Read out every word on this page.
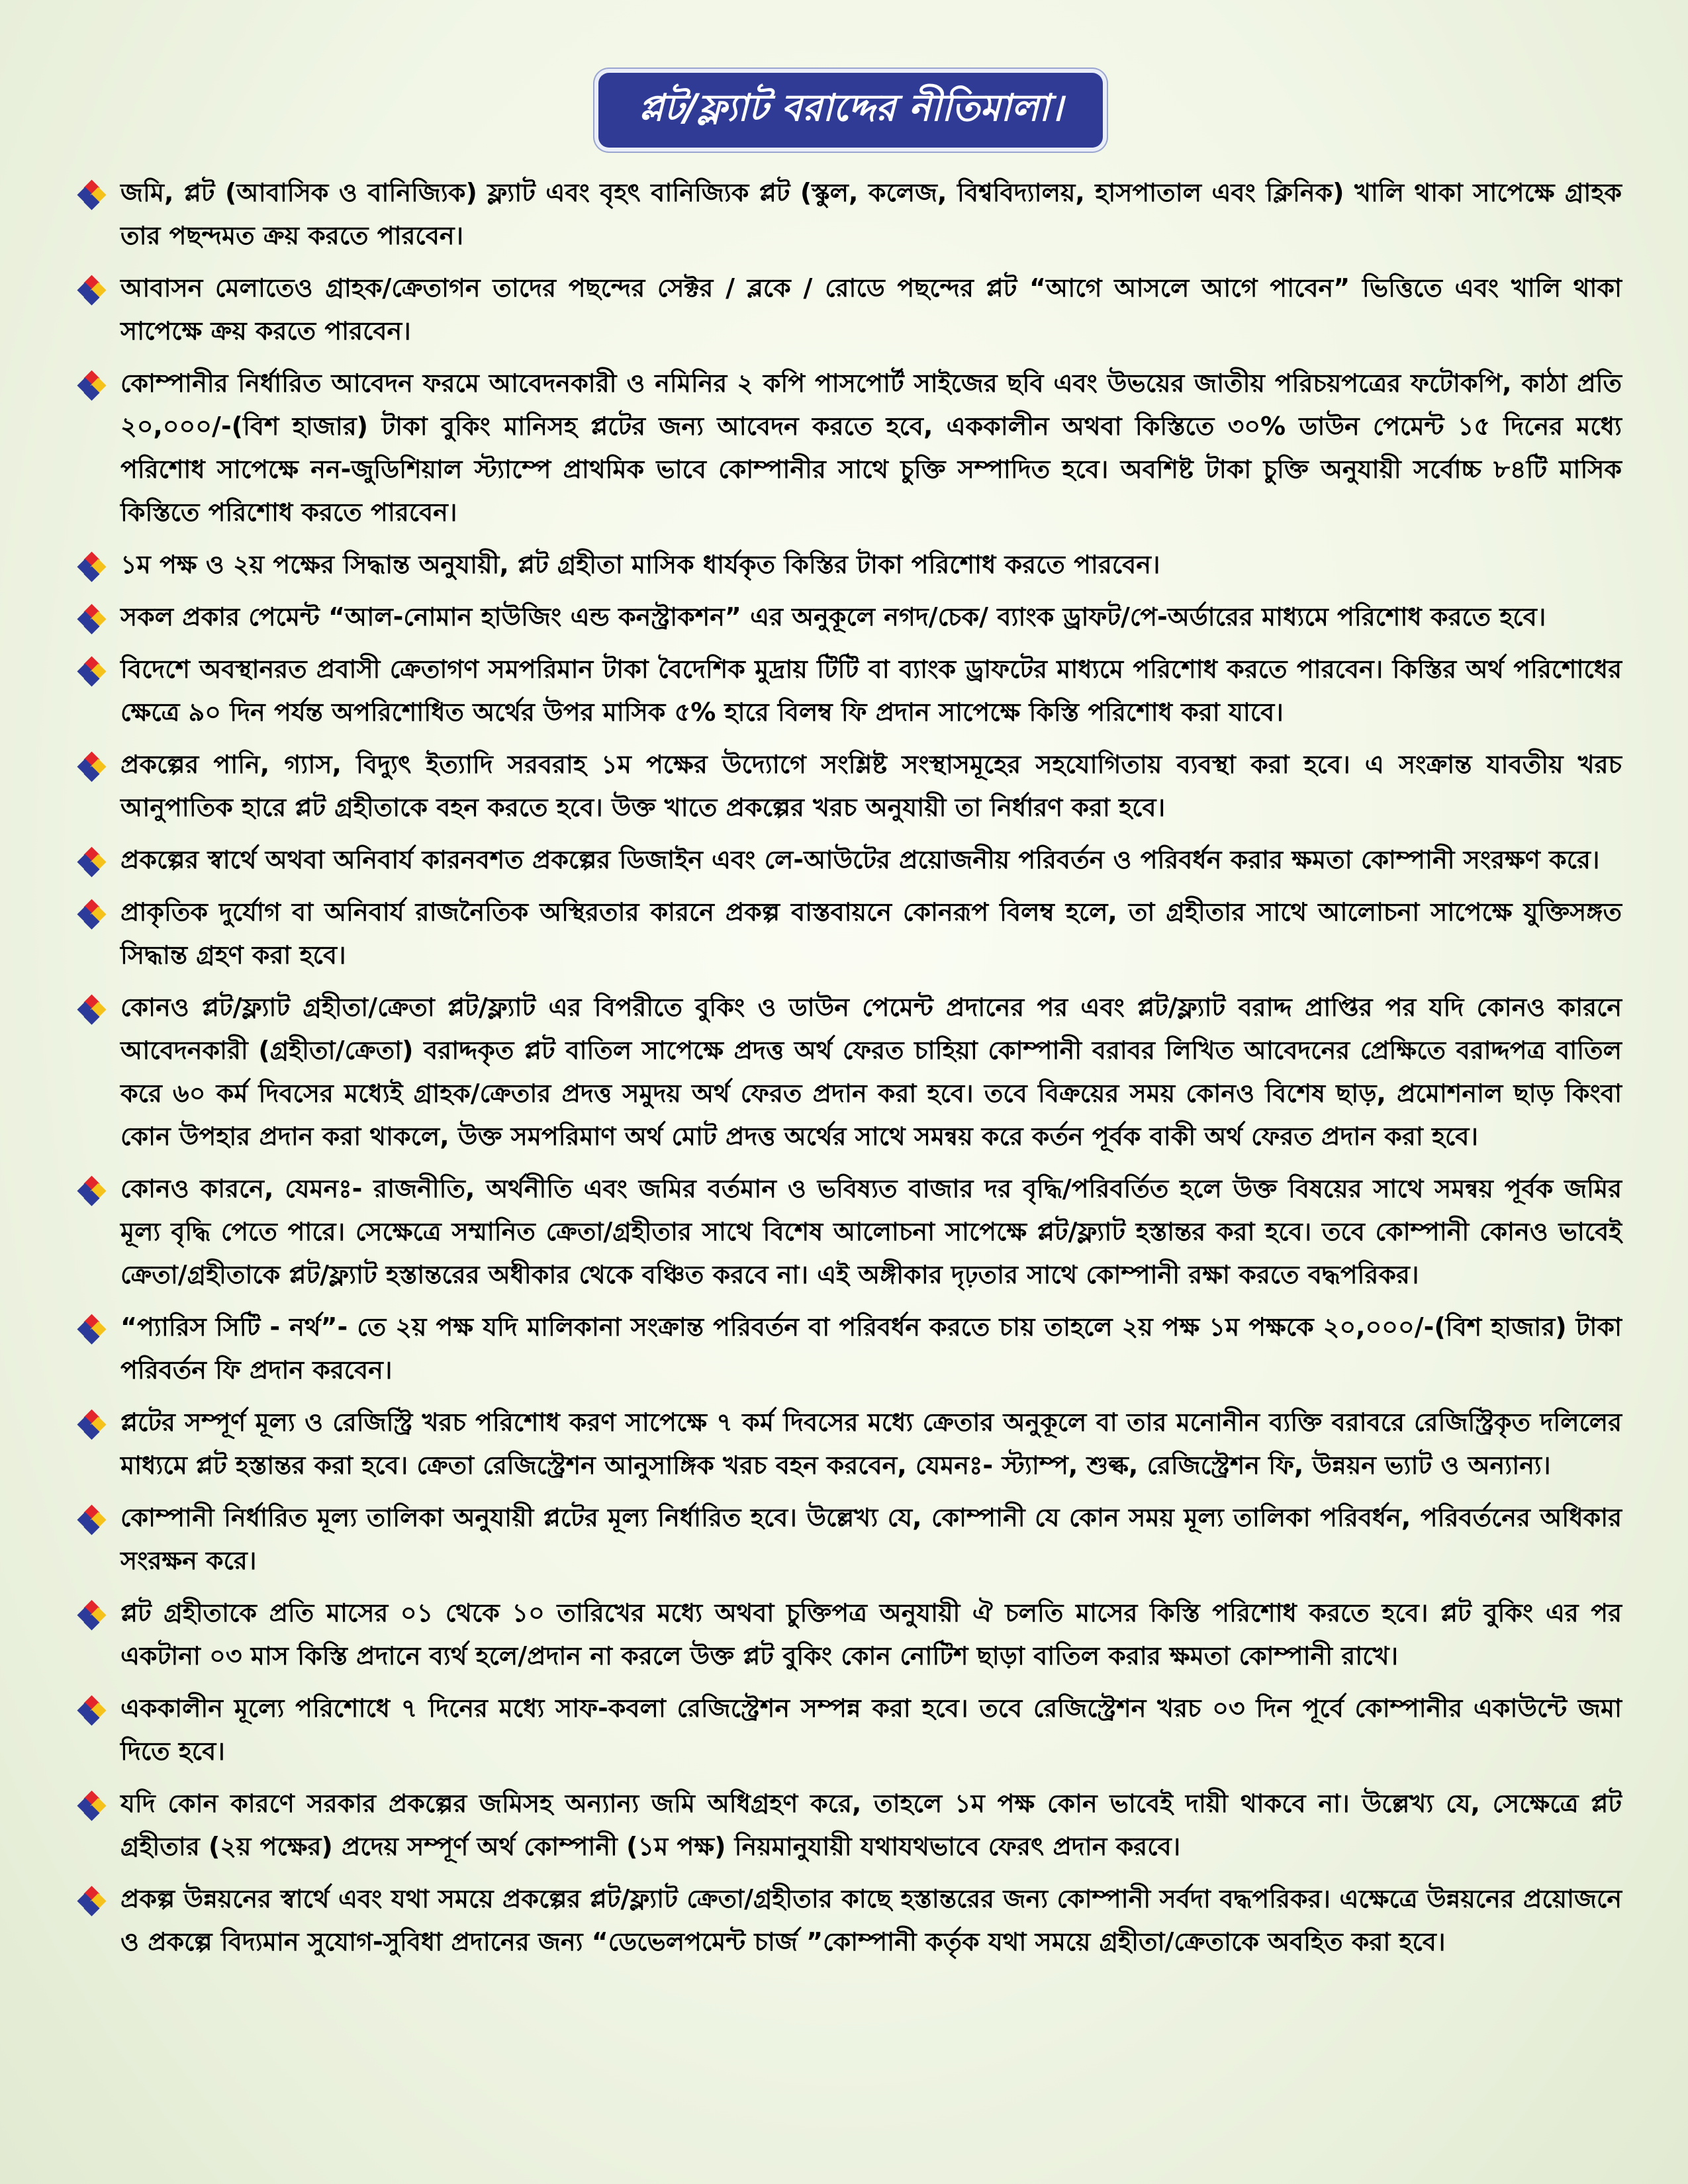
প্লট/ফ্ল্যাট বরাদ্দের নীতিমালা।
জমি, প্লট (আবাসিক ও বানিজ্যিক) ফ্ল্যাট এবং বৃহৎ বানিজ্যিক প্লট (স্কুল, কলেজ, বিশ্ববিদ্যালয়, হাসপাতাল এবং ক্লিনিক) খালি থাকা সাপেক্ষে গ্রাহক তার পছন্দমত ক্রয় করতে পারবেন।
আবাসন মেলাতেও গ্রাহক/ক্রেতাগন তাদের পছন্দের সেক্টর / ব্লকে / রোডে পছন্দের প্লট “আগে আসলে আগে পাবেন” ভিত্তিতে এবং খালি থাকা সাপেক্ষে ক্রয় করতে পারবেন।
কোম্পানীর নির্ধারিত আবেদন ফরমে আবেদনকারী ও নমিনির ২ কপি পাসপোর্ট সাইজের ছবি এবং উভয়ের জাতীয় পরিচয়পত্রের ফটোকপি, কাঠা প্রতি ২০,০০০/-(বিশ হাজার) টাকা বুকিং মানিসহ প্লটের জন্য আবেদন করতে হবে, এককালীন অথবা কিস্তিতে ৩০% ডাউন পেমেন্ট ১৫ দিনের মধ্যে পরিশোধ সাপেক্ষে নন-জুডিশিয়াল স্ট্যাম্পে প্রাথমিক ভাবে কোম্পানীর সাথে চুক্তি সম্পাদিত হবে। অবশিষ্ট টাকা চুক্তি অনুযায়ী সর্বোচ্চ ৮৪টি মাসিক কিস্তিতে পরিশোধ করতে পারবেন।
১ম পক্ষ ও ২য় পক্ষের সিদ্ধান্ত অনুযায়ী, প্লট গ্রহীতা মাসিক ধার্যকৃত কিস্তির টাকা পরিশোধ করতে পারবেন।
সকল প্রকার পেমেন্ট “আল-নোমান হাউজিং এন্ড কনস্ট্রাকশন” এর অনুকূলে নগদ/চেক/ ব্যাংক ড্রাফট/পে-অর্ডারের মাধ্যমে পরিশোধ করতে হবে।
বিদেশে অবস্থানরত প্রবাসী ক্রেতাগণ সমপরিমান টাকা বৈদেশিক মুদ্রায় টিটি বা ব্যাংক ড্রাফটের মাধ্যমে পরিশোধ করতে পারবেন। কিস্তির অর্থ পরিশোধের ক্ষেত্রে ৯০ দিন পর্যন্ত অপরিশোধিত অর্থের উপর মাসিক ৫% হারে বিলম্ব ফি প্রদান সাপেক্ষে কিস্তি পরিশোধ করা যাবে।
প্রকল্পের পানি, গ্যাস, বিদ্যুৎ ইত্যাদি সরবরাহ ১ম পক্ষের উদ্যোগে সংশ্লিষ্ট সংস্থাসমূহের সহযোগিতায় ব্যবস্থা করা হবে। এ সংক্রান্ত যাবতীয় খরচ আনুপাতিক হারে প্লট গ্রহীতাকে বহন করতে হবে। উক্ত খাতে প্রকল্পের খরচ অনুযায়ী তা নির্ধারণ করা হবে।
প্রকল্পের স্বার্থে অথবা অনিবার্য কারনবশত প্রকল্পের ডিজাইন এবং লে-আউটের প্রয়োজনীয় পরিবর্তন ও পরিবর্ধন করার ক্ষমতা কোম্পানী সংরক্ষণ করে।
প্রাকৃতিক দুর্যোগ বা অনিবার্য রাজনৈতিক অস্থিরতার কারনে প্রকল্প বাস্তবায়নে কোনরূপ বিলম্ব হলে, তা গ্রহীতার সাথে আলোচনা সাপেক্ষে যুক্তিসঙ্গত সিদ্ধান্ত গ্রহণ করা হবে।
কোনও প্লট/ফ্ল্যাট গ্রহীতা/ক্রেতা প্লট/ফ্ল্যাট এর বিপরীতে বুকিং ও ডাউন পেমেন্ট প্রদানের পর এবং প্লট/ফ্ল্যাট বরাদ্দ প্রাপ্তির পর যদি কোনও কারনে আবেদনকারী (গ্রহীতা/ক্রেতা) বরাদ্দকৃত প্লট বাতিল সাপেক্ষে প্রদত্ত অর্থ ফেরত চাহিয়া কোম্পানী বরাবর লিখিত আবেদনের প্রেক্ষিতে বরাদ্দপত্র বাতিল করে ৬০ কর্ম দিবসের মধ্যেই গ্রাহক/ক্রেতার প্রদত্ত সমুদয় অর্থ ফেরত প্রদান করা হবে। তবে বিক্রয়ের সময় কোনও বিশেষ ছাড়, প্রমোশনাল ছাড় কিংবা কোন উপহার প্রদান করা থাকলে, উক্ত সমপরিমাণ অর্থ মোট প্রদত্ত অর্থের সাথে সমন্বয় করে কর্তন পূর্বক বাকী অর্থ ফেরত প্রদান করা হবে।
কোনও কারনে, যেমনঃ- রাজনীতি, অর্থনীতি এবং জমির বর্তমান ও ভবিষ্যত বাজার দর বৃদ্ধি/পরিবর্তিত হলে উক্ত বিষয়ের সাথে সমন্বয় পূর্বক জমির মূল্য বৃদ্ধি পেতে পারে। সেক্ষেত্রে সম্মানিত ক্রেতা/গ্রহীতার সাথে বিশেষ আলোচনা সাপেক্ষে প্লট/ফ্ল্যাট হস্তান্তর করা হবে। তবে কোম্পানী কোনও ভাবেই ক্রেতা/গ্রহীতাকে প্লট/ফ্ল্যাট হস্তান্তরের অধীকার থেকে বঞ্চিত করবে না। এই অঙ্গীকার দৃঢ়তার সাথে কোম্পানী রক্ষা করতে বদ্ধপরিকর।
“প্যারিস সিটি - নর্থ”- তে ২য় পক্ষ যদি মালিকানা সংক্রান্ত পরিবর্তন বা পরিবর্ধন করতে চায় তাহলে ২য় পক্ষ ১ম পক্ষকে ২০,০০০/-(বিশ হাজার) টাকা পরিবর্তন ফি প্রদান করবেন।
প্লটের সম্পূর্ণ মূল্য ও রেজিস্ট্রি খরচ পরিশোধ করণ সাপেক্ষে ৭ কর্ম দিবসের মধ্যে ক্রেতার অনুকূলে বা তার মনোনীন ব্যক্তি বরাবরে রেজিস্ট্রিকৃত দলিলের মাধ্যমে প্লট হস্তান্তর করা হবে। ক্রেতা রেজিস্ট্রেশন আনুসাঙ্গিক খরচ বহন করবেন, যেমনঃ- স্ট্যাম্প, শুল্ক, রেজিস্ট্রেশন ফি, উন্নয়ন ভ্যাট ও অন্যান্য।
কোম্পানী নির্ধারিত মূল্য তালিকা অনুযায়ী প্লটের মূল্য নির্ধারিত হবে। উল্লেখ্য যে, কোম্পানী যে কোন সময় মূল্য তালিকা পরিবর্ধন, পরিবর্তনের অধিকার সংরক্ষন করে।
প্লট গ্রহীতাকে প্রতি মাসের ০১ থেকে ১০ তারিখের মধ্যে অথবা চুক্তিপত্র অনুযায়ী ঐ চলতি মাসের কিস্তি পরিশোধ করতে হবে। প্লট বুকিং এর পর একটানা ০৩ মাস কিস্তি প্রদানে ব্যর্থ হলে/প্রদান না করলে উক্ত প্লট বুকিং কোন নোটিশ ছাড়া বাতিল করার ক্ষমতা কোম্পানী রাখে।
এককালীন মূল্যে পরিশোধে ৭ দিনের মধ্যে সাফ-কবলা রেজিস্ট্রেশন সম্পন্ন করা হবে। তবে রেজিস্ট্রেশন খরচ ০৩ দিন পূর্বে কোম্পানীর একাউন্টে জমা দিতে হবে।
যদি কোন কারণে সরকার প্রকল্পের জমিসহ অন্যান্য জমি অধিগ্রহণ করে, তাহলে ১ম পক্ষ কোন ভাবেই দায়ী থাকবে না। উল্লেখ্য যে, সেক্ষেত্রে প্লট গ্রহীতার (২য় পক্ষের) প্রদেয় সম্পূর্ণ অর্থ কোম্পানী (১ম পক্ষ) নিয়মানুযায়ী যথাযথভাবে ফেরৎ প্রদান করবে।
প্রকল্প উন্নয়নের স্বার্থে এবং যথা সময়ে প্রকল্পের প্লট/ফ্ল্যাট ক্রেতা/গ্রহীতার কাছে হস্তান্তরের জন্য কোম্পানী সর্বদা বদ্ধপরিকর। এক্ষেত্রে উন্নয়নের প্রয়োজনে ও প্রকল্পে বিদ্যমান সুযোগ-সুবিধা প্রদানের জন্য “ডেভেলপমেন্ট চার্জ ”কোম্পানী কর্তৃক যথা সময়ে গ্রহীতা/ক্রেতাকে অবহিত করা হবে।
